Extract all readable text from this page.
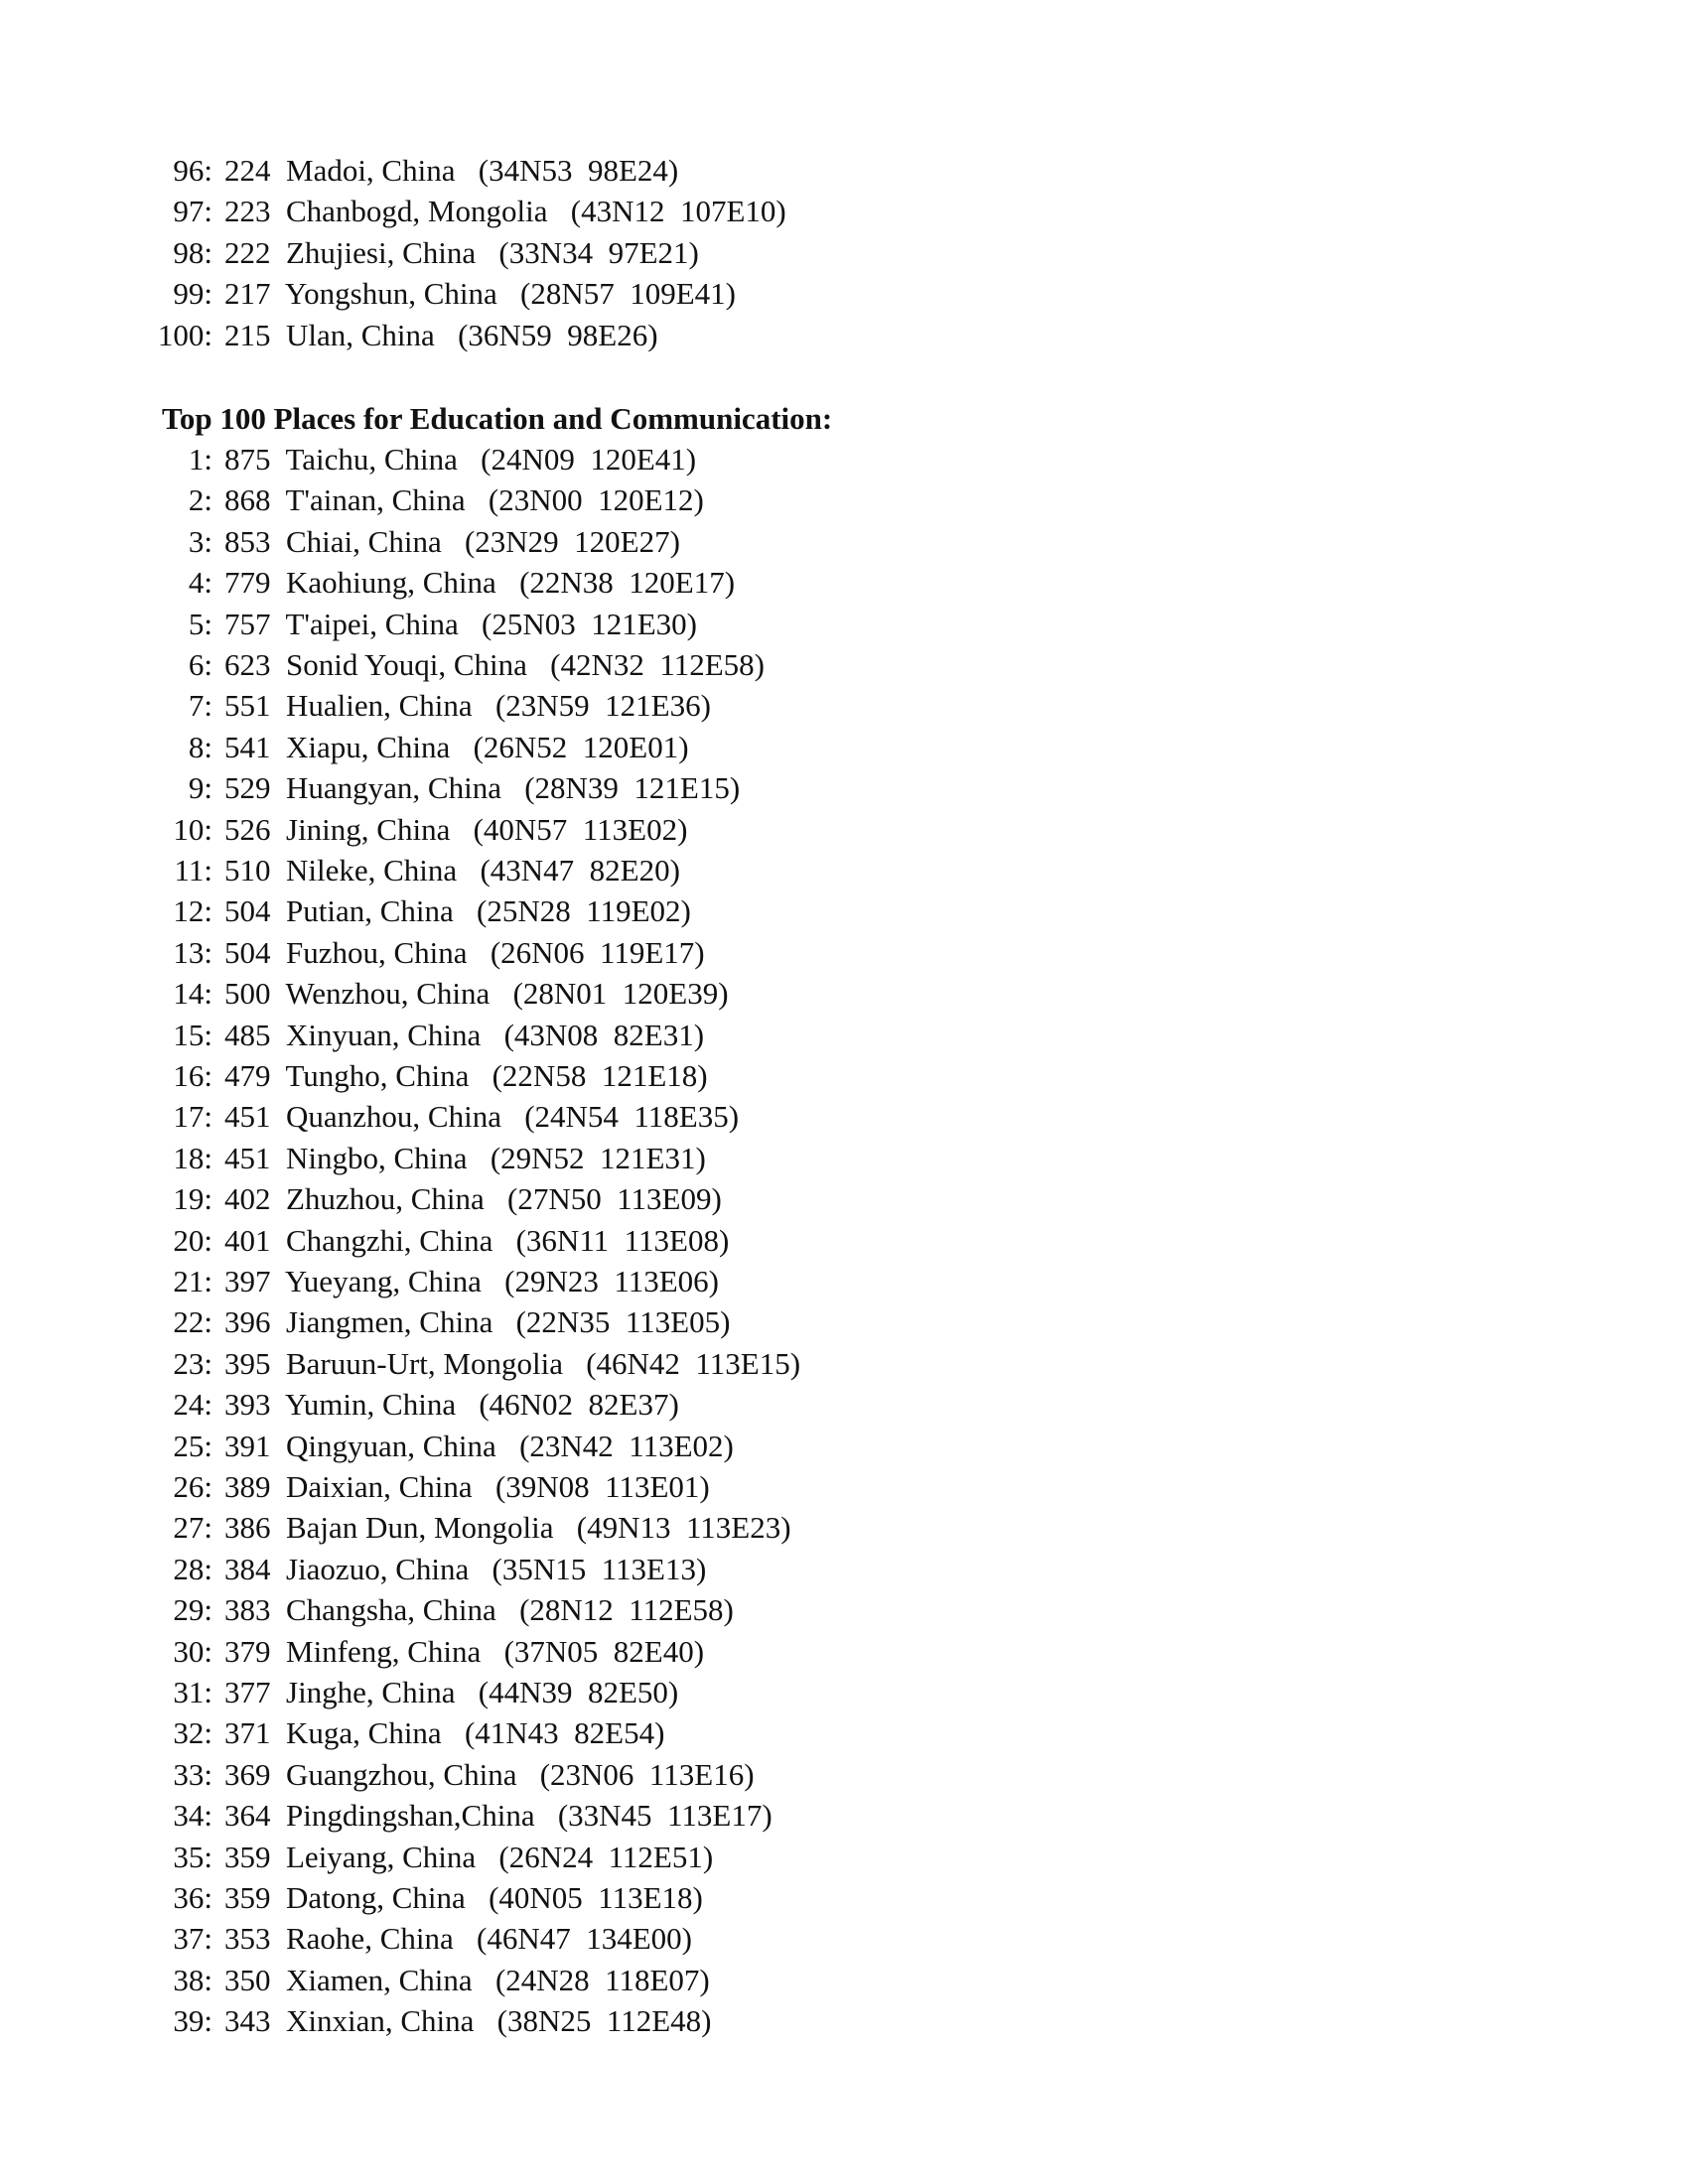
96: 224 Madoi, China (34N53  98E24)
97: 223 Chanbogd, Mongolia (43N12  107E10)
98: 222 Zhujiesi, China (33N34  97E21)
99: 217 Yongshun, China (28N57  109E41)
100: 215 Ulan, China (36N59  98E26)
Top 100 Places for Education and Communication:
1: 875 Taichu, China (24N09  120E41)
2: 868 T'ainan, China (23N00  120E12)
3: 853 Chiai, China (23N29  120E27)
4: 779 Kaohiung, China (22N38  120E17)
5: 757 T'aipei, China (25N03  121E30)
6: 623 Sonid Youqi, China (42N32  112E58)
7: 551 Hualien, China (23N59  121E36)
8: 541 Xiapu, China (26N52  120E01)
9: 529 Huangyan, China (28N39  121E15)
10: 526 Jining, China (40N57  113E02)
11: 510 Nileke, China (43N47  82E20)
12: 504 Putian, China (25N28  119E02)
13: 504 Fuzhou, China (26N06  119E17)
14: 500 Wenzhou, China (28N01  120E39)
15: 485 Xinyuan, China (43N08  82E31)
16: 479 Tungho, China (22N58  121E18)
17: 451 Quanzhou, China (24N54  118E35)
18: 451 Ningbo, China (29N52  121E31)
19: 402 Zhuzhou, China (27N50  113E09)
20: 401 Changzhi, China (36N11  113E08)
21: 397 Yueyang, China (29N23  113E06)
22: 396 Jiangmen, China (22N35  113E05)
23: 395 Baruun-Urt, Mongolia (46N42  113E15)
24: 393 Yumin, China (46N02  82E37)
25: 391 Qingyuan, China (23N42  113E02)
26: 389 Daixian, China (39N08  113E01)
27: 386 Bajan Dun, Mongolia (49N13  113E23)
28: 384 Jiaozuo, China (35N15  113E13)
29: 383 Changsha, China (28N12  112E58)
30: 379 Minfeng, China (37N05  82E40)
31: 377 Jinghe, China (44N39  82E50)
32: 371 Kuga, China (41N43  82E54)
33: 369 Guangzhou, China (23N06  113E16)
34: 364 Pingdingshan,China (33N45  113E17)
35: 359 Leiyang, China (26N24  112E51)
36: 359 Datong, China (40N05  113E18)
37: 353 Raohe, China (46N47  134E00)
38: 350 Xiamen, China (24N28  118E07)
39: 343 Xinxian, China (38N25  112E48)
